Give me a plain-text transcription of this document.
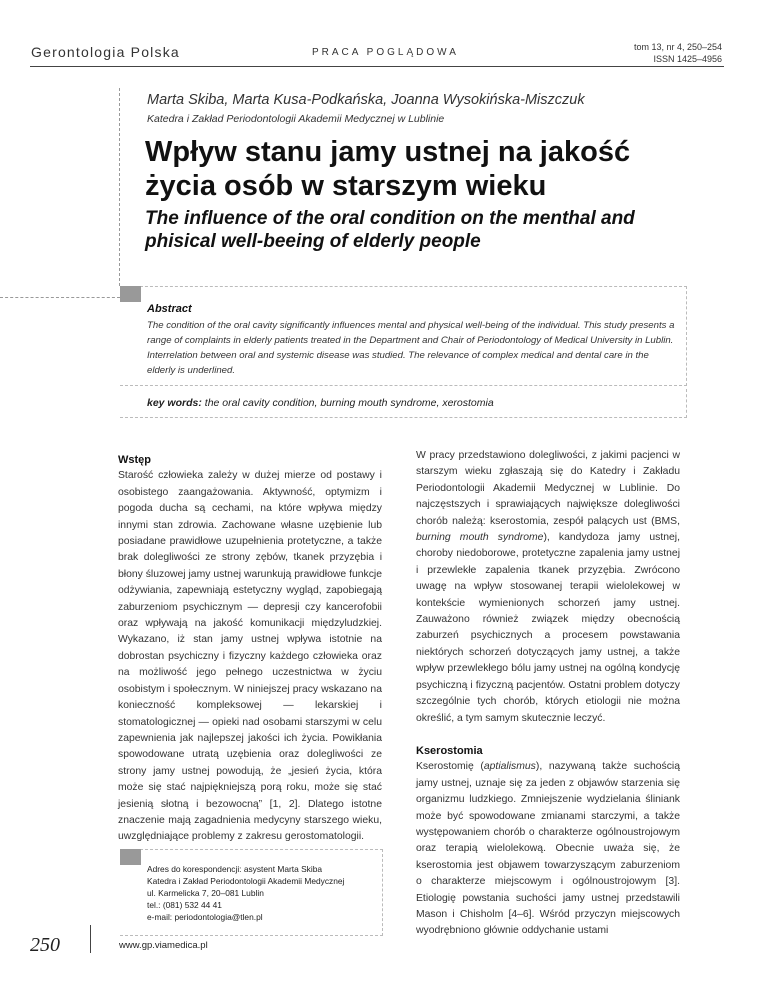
Gerontologia Polska	PRACA POGLĄDOWA	tom 13, nr 4, 250–254
ISSN 1425–4956
Marta Skiba, Marta Kusa-Podkańska, Joanna Wysokińska-Miszczuk
Katedra i Zakład Periodontologii Akademii Medycznej w Lublinie
Wpływ stanu jamy ustnej na jakość życia osób w starszym wieku
The influence of the oral condition on the menthal and phisical well-beeing of elderly people
Abstract
The condition of the oral cavity significantly influences mental and physical well-being of the individual. This study presents a range of complaints in elderly patients treated in the Department and Chair of Periodontology of Medical University in Lublin. Interrelation between oral and systemic disease was studied. The relevance of complex medical and dental care in the elderly is underlined.
key words: the oral cavity condition, burning mouth syndrome, xerostomia
Wstęp

Starość człowieka zależy w dużej mierze od postawy i osobistego zaangażowania. Aktywność, optymizm i pogoda ducha są cechami, na które wpływa między innymi stan zdrowia. Zachowane własne uzębienie lub posiadane prawidłowe uzupełnienia protetyczne, a także brak dolegliwości ze strony zębów, tkanek przyzębia i błony śluzowej jamy ustnej warunkują prawidłowe funkcje odżywiania, zapewniają estetyczny wygląd, zapobiegają zaburzeniom psychicznym — depresji czy kancerofobii oraz wpływają na jakość komunikacji międzyludzkiej. Wykazano, iż stan jamy ustnej wpływa istotnie na dobrostan psychiczny i fizyczny każdego człowieka oraz na możliwość jego pełnego uczestnictwa w życiu osobistym i społecznym. W niniejszej pracy wskazano na konieczność kompleksowej — lekarskiej i stomatologicznej — opieki nad osobami starszymi w celu zapewnienia jak najlepszej jakości ich życia. Powikłania spowodowane utratą uzębienia oraz dolegliwości ze strony jamy ustnej powodują, że „jesień życia, która może się stać najpiękniejszą porą roku, może się stać jesienią słotną i bezowocną” [1, 2]. Dlatego istotne znaczenie mają zagadnienia medycyny starszego wieku, uwzględniające problemy z zakresu gerostomatologii.

W pracy przedstawiono dolegliwości, z jakimi pacjenci w starszym wieku zgłaszają się do Katedry i Zakładu Periodontologii Akademii Medycznej w Lublinie. Do najczęstszych i sprawiających największe dolegliwości chorób należą: kserostomia, zespół palących ust (BMS, burning mouth syndrome), kandydoza jamy ustnej, choroby niedoborowe, protetyczne zapalenia jamy ustnej i przewlekłe zapalenia tkanek przyzębia. Zwrócono uwagę na wpływ stosowanej terapii wielolekowej w kontekście wymienionych schorzeń jamy ustnej. Zauważono również związek między obecnością zaburzeń psychicznych a procesem powstawania niektórych schorzeń dotyczących jamy ustnej, a także wpływ przewlekłego bólu jamy ustnej na ogólną kondycję psychiczną i fizyczną pacjentów. Ostatni problem dotyczy szczególnie tych chorób, których etiologii nie można określić, a tym samym skutecznie leczyć.

Kserostomia

Kserostomię (aptialismus), nazywaną także suchością jamy ustnej, uznaje się za jeden z objawów starzenia się organizmu ludzkiego. Zmniejszenie wydzielania śliniank może być spowodowane zmianami starczymi, a także występowaniem chorób o charakterze ogólnoustrojowym oraz terapią wielolekową. Obecnie uważa się, że kserostomia jest objawem towarzyszącym zaburzeniom o charakterze miejscowym i ogólnoustrojowym [3]. Etiologię powstania suchości jamy ustnej przedstawili Mason i Chisholm [4–6]. Wśród przyczyn miejscowych wyodrębniono głównie oddychanie ustami

Adres do korespondencji: asystent Marta Skiba
Katedra i Zakład Periodontologii Akademii Medycznej
ul. Karmelicka 7, 20–081 Lublin
tel.: (081) 532 44 41
e-mail: periodontologia@tlen.pl
250	www.gp.viamedica.pl
